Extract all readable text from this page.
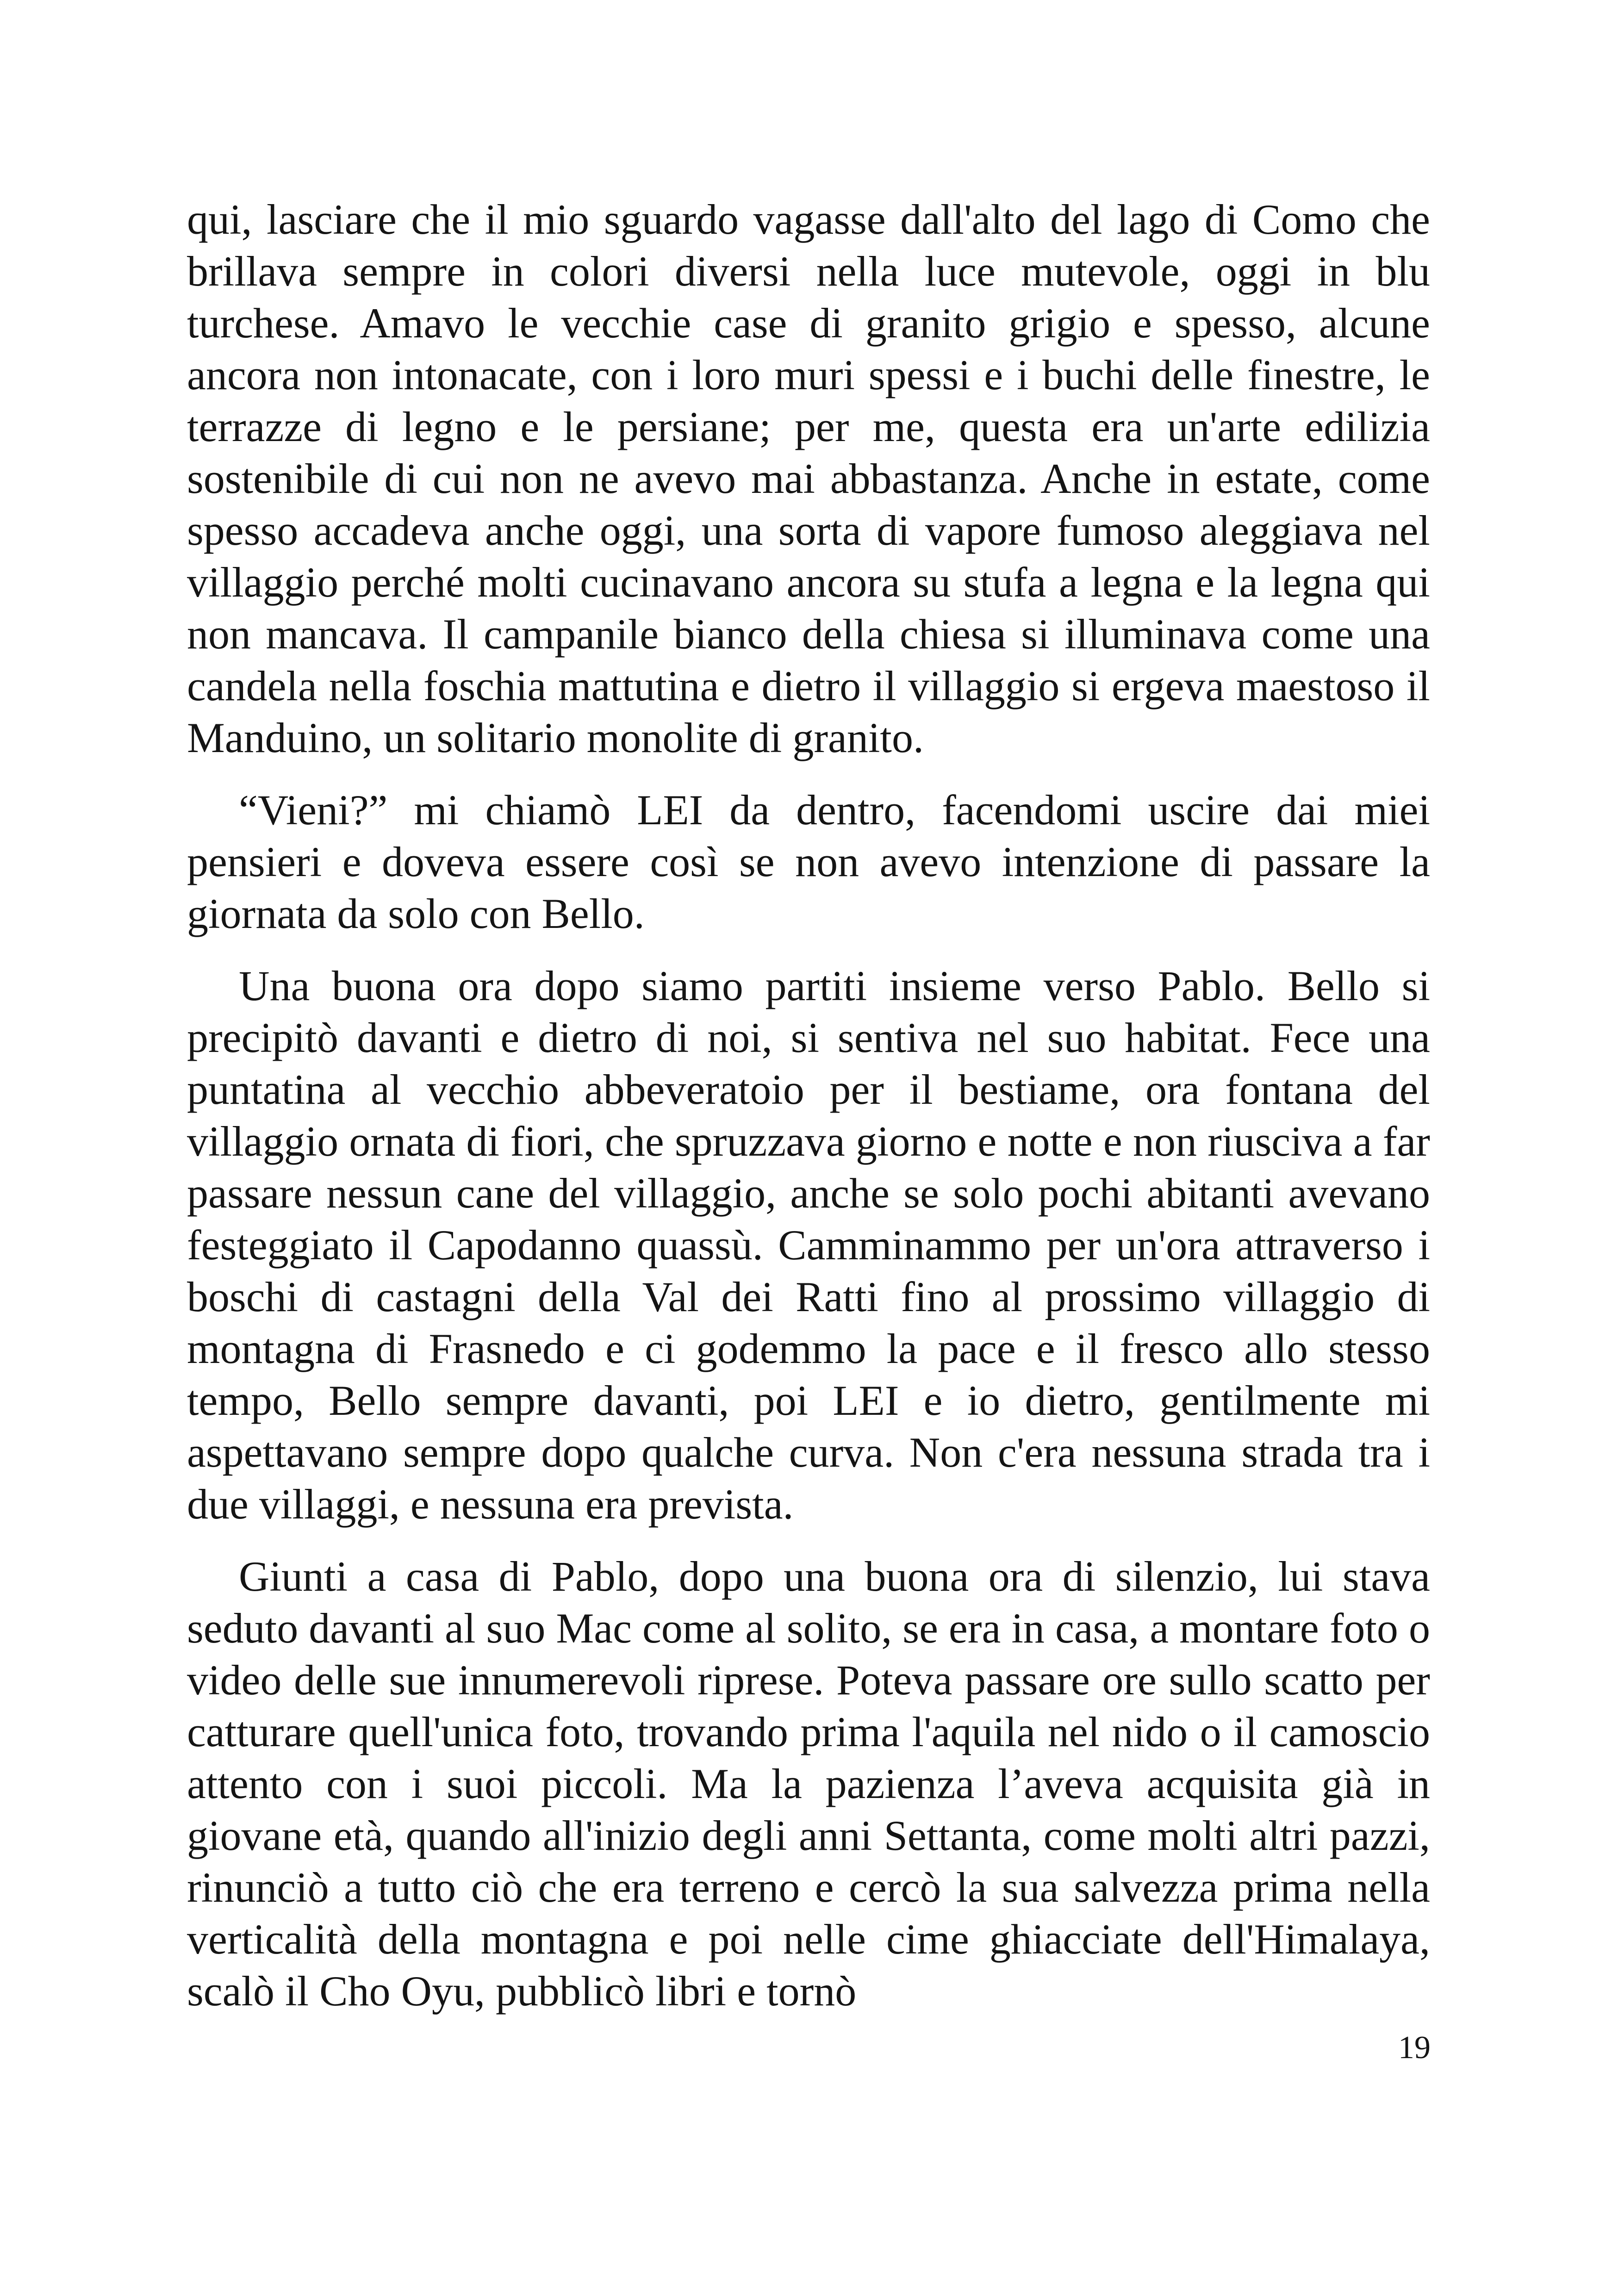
qui, lasciare che il mio sguardo vagasse dall'alto del lago di Como che brillava sempre in colori diversi nella luce mutevole, oggi in blu turchese. Amavo le vecchie case di granito grigio e spesso, alcune ancora non intonacate, con i loro muri spessi e i buchi delle finestre, le terrazze di legno e le persiane; per me, questa era un'arte edilizia sostenibile di cui non ne avevo mai abbastanza. Anche in estate, come spesso accadeva anche oggi, una sorta di vapore fumoso aleggiava nel villaggio perché molti cucinavano ancora su stufa a legna e la legna qui non mancava. Il campanile bianco della chiesa si illuminava come una candela nella foschia mattutina e dietro il villaggio si ergeva maestoso il Manduino, un solitario monolite di granito.

“Vieni?” mi chiamò LEI da dentro, facendomi uscire dai miei pensieri e doveva essere così se non avevo intenzione di passare la giornata da solo con Bello.

Una buona ora dopo siamo partiti insieme verso Pablo. Bello si precipitò davanti e dietro di noi, si sentiva nel suo habitat. Fece una puntatina al vecchio abbeveratoio per il bestiame, ora fontana del villaggio ornata di fiori, che spruzzava giorno e notte e non riusciva a far passare nessun cane del villaggio, anche se solo pochi abitanti avevano festeggiato il Capodanno quassù. Camminammo per un'ora attraverso i boschi di castagni della Val dei Ratti fino al prossimo villaggio di montagna di Frasnedo e ci godemmo la pace e il fresco allo stesso tempo, Bello sempre davanti, poi LEI e io dietro, gentilmente mi aspettavano sempre dopo qualche curva. Non c'era nessuna strada tra i due villaggi, e nessuna era prevista.

Giunti a casa di Pablo, dopo una buona ora di silenzio, lui stava seduto davanti al suo Mac come al solito, se era in casa, a montare foto o video delle sue innumerevoli riprese. Poteva passare ore sullo scatto per catturare quell'unica foto, trovando prima l'aquila nel nido o il camoscio attento con i suoi piccoli. Ma la pazienza l’aveva acquisita già in giovane età, quando all'inizio degli anni Settanta, come molti altri pazzi, rinunciò a tutto ciò che era terreno e cercò la sua salvezza prima nella verticalità della montagna e poi nelle cime ghiacciate dell'Himalaya, scalò il Cho Oyu, pubblicò libri e tornò

19
